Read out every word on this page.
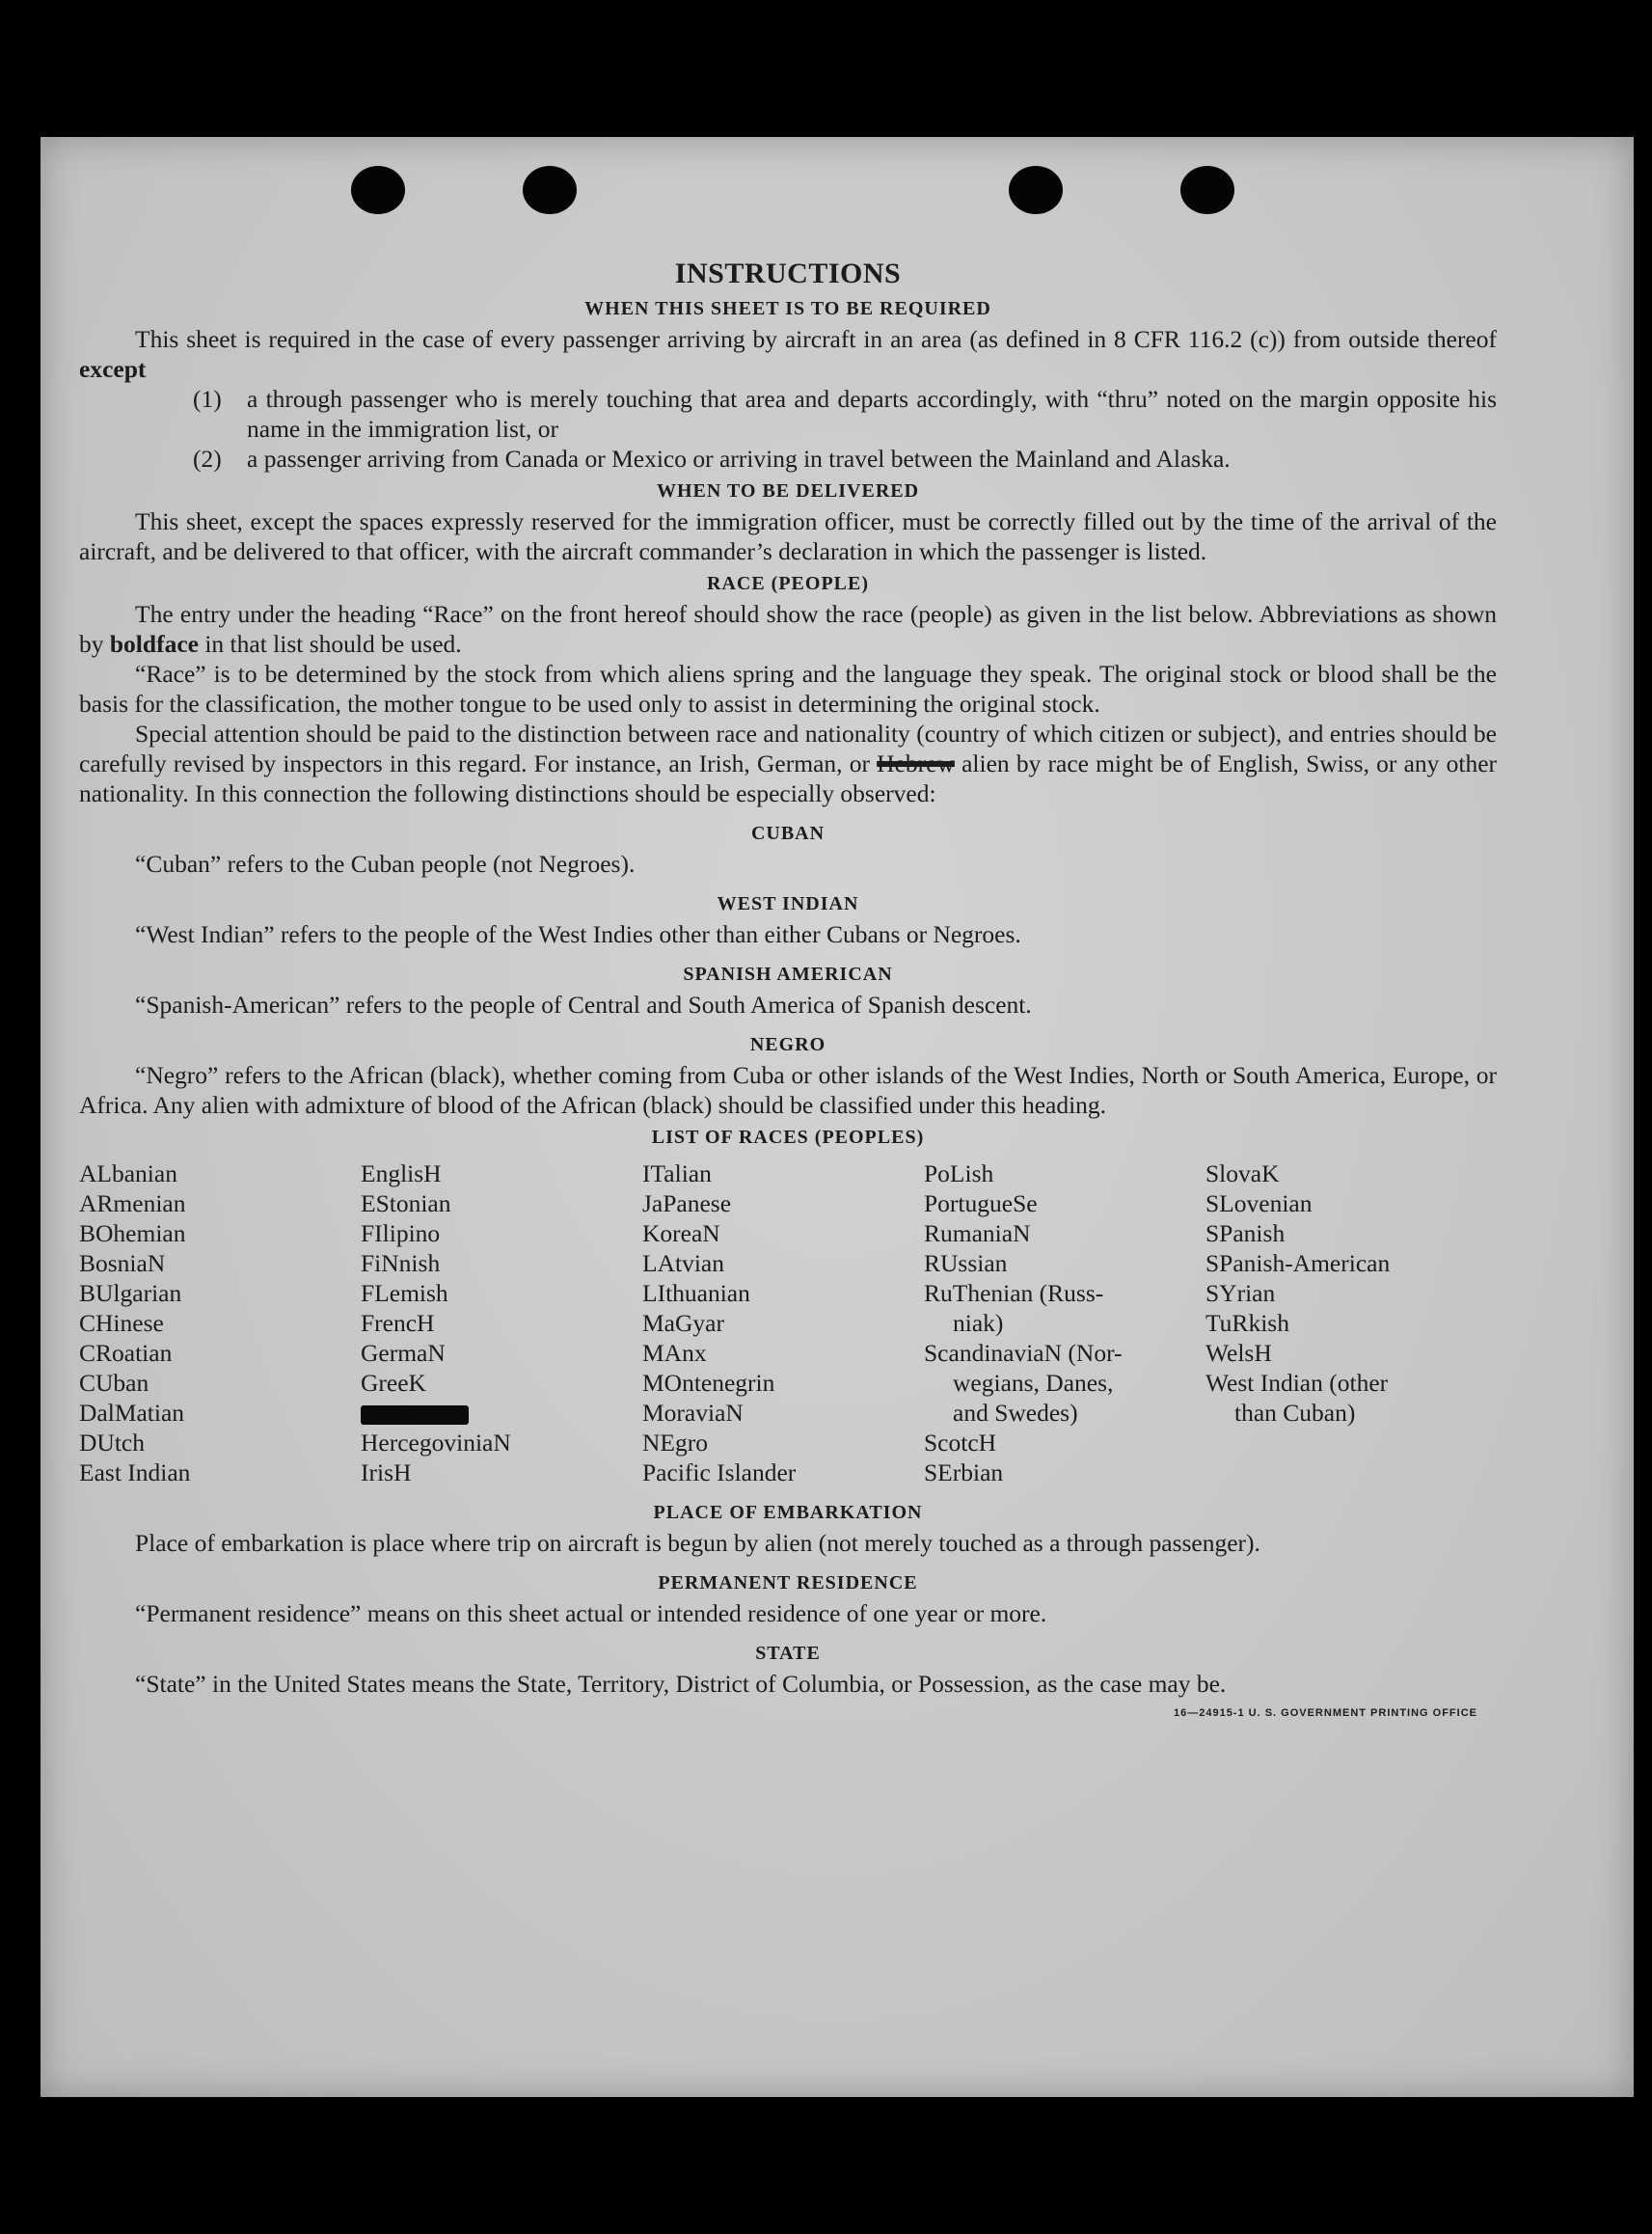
INSTRUCTIONS
WHEN THIS SHEET IS TO BE REQUIRED

This sheet is required in the case of every passenger arriving by aircraft in an area (as defined in 8 CFR 116.2 (c)) from outside thereof except

(1)	a through passenger who is merely touching that area and departs accordingly, with “thru” noted on the margin opposite his name in the immigration list, or
(2)	a passenger arriving from Canada or Mexico or arriving in travel between the Mainland and Alaska.
WHEN TO BE DELIVERED

This sheet, except the spaces expressly reserved for the immigration officer, must be correctly filled out by the time of the arrival of the aircraft, and be delivered to that officer, with the aircraft commander’s declaration in which the passenger is listed.

RACE (PEOPLE)

The entry under the heading “Race” on the front hereof should show the race (people) as given in the list below. Abbreviations as shown by boldface in that list should be used.

“Race” is to be determined by the stock from which aliens spring and the language they speak. The original stock or blood shall be the basis for the classification, the mother tongue to be used only to assist in determining the original stock.

Special attention should be paid to the distinction between race and nationality (country of which citizen or subject), and entries should be carefully revised by inspectors in this regard. For instance, an Irish, German, or Hebrew alien by race might be of English, Swiss, or any other nationality. In this connection the following distinctions should be especially observed:

CUBAN

“Cuban” refers to the Cuban people (not Negroes).

WEST INDIAN

“West Indian” refers to the people of the West Indies other than either Cubans or Negroes.

SPANISH AMERICAN

“Spanish-American” refers to the people of Central and South America of Spanish descent.

NEGRO

“Negro” refers to the African (black), whether coming from Cuba or other islands of the West Indies, North or South America, Europe, or Africa. Any alien with admixture of blood of the African (black) should be classified under this heading.

LIST OF RACES (PEOPLES)
ALbanian
ARmenian
BOhemian
BosniaN
BUlgarian
CHinese
CRoatian
CUban
DalMatian
DUtch
East Indian
EnglisH
EStonian
FIlipino
FiNnish
FLemish
FrencH
GermaN
GreeK
HercegoviniaN
IrisH
ITalian
JaPanese
KoreaN
LAtvian
LIthuanian
MaGyar
MAnx
MOntenegrin
MoraviaN
NEgro
Pacific Islander
PoLish
PortugueSe
RumaniaN
RUssian
RuThenian (Russ-
niak)
ScandinaviaN (Nor-
wegians, Danes,
and Swedes)
ScotcH
SErbian
SlovaK
SLovenian
SPanish
SPanish-American
SYrian
TuRkish
WelsH
West Indian (other
than Cuban)
PLACE OF EMBARKATION

Place of embarkation is place where trip on aircraft is begun by alien (not merely touched as a through passenger).

PERMANENT RESIDENCE

“Permanent residence” means on this sheet actual or intended residence of one year or more.

STATE

“State” in the United States means the State, Territory, District of Columbia, or Possession, as the case may be.

16—24915-1 U. S. GOVERNMENT PRINTING OFFICE
